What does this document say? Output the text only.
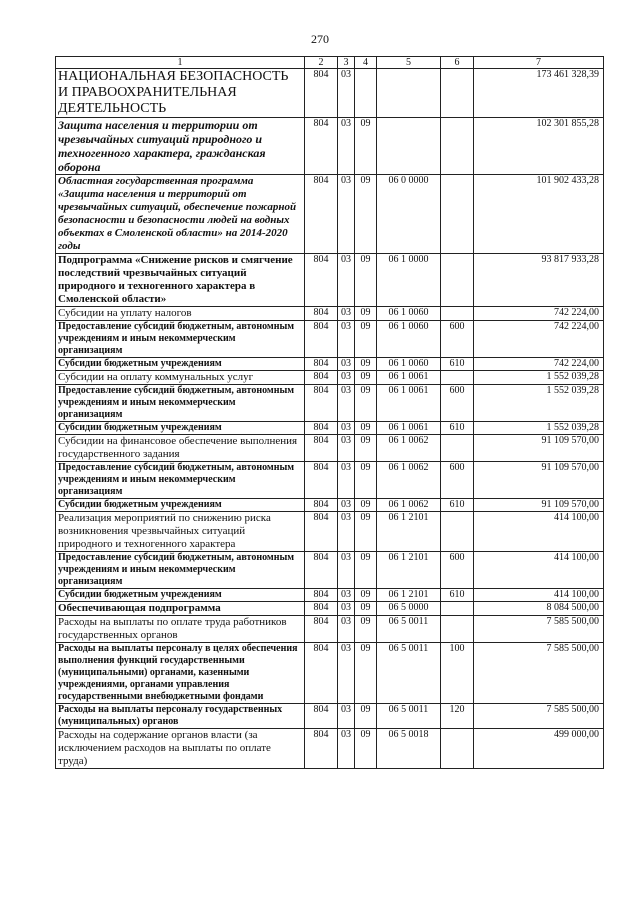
270
1	2	3	4	5	6	7
НАЦИОНАЛЬНАЯ БЕЗОПАСНОСТЬ И ПРАВООХРАНИТЕЛЬНАЯ ДЕЯТЕЛЬНОСТЬ	804	03				173 461 328,39
Защита населения и территории от чрезвычайных ситуаций природного и техногенного характера, гражданская оборона	804	03	09			102 301 855,28
Областная государственная программа «Защита населения и территорий от чрезвычайных ситуаций, обеспечение пожарной безопасности и безопасности людей на водных объектах в Смоленской области» на 2014-2020 годы	804	03	09	06 0 0000		101 902 433,28
Подпрограмма «Снижение рисков и смягчение последствий чрезвычайных ситуаций природного и техногенного характера в Смоленской области»	804	03	09	06 1 0000		93 817 933,28
Субсидии на уплату налогов	804	03	09	06 1 0060		742 224,00
Предоставление субсидий бюджетным, автономным учреждениям и иным некоммерческим организациям	804	03	09	06 1 0060	600	742 224,00
Субсидии бюджетным учреждениям	804	03	09	06 1 0060	610	742 224,00
Субсидии на оплату коммунальных услуг	804	03	09	06 1 0061		1 552 039,28
Предоставление субсидий бюджетным, автономным учреждениям и иным некоммерческим организациям	804	03	09	06 1 0061	600	1 552 039,28
Субсидии бюджетным учреждениям	804	03	09	06 1 0061	610	1 552 039,28
Субсидии на финансовое обеспечение выполнения государственного задания	804	03	09	06 1 0062		91 109 570,00
Предоставление субсидий бюджетным, автономным учреждениям и иным некоммерческим организациям	804	03	09	06 1 0062	600	91 109 570,00
Субсидии бюджетным учреждениям	804	03	09	06 1 0062	610	91 109 570,00
Реализация мероприятий по снижению риска возникновения чрезвычайных ситуаций природного и техногенного характера	804	03	09	06 1 2101		414 100,00
Предоставление субсидий бюджетным, автономным учреждениям и иным некоммерческим организациям	804	03	09	06 1 2101	600	414 100,00
Субсидии бюджетным учреждениям	804	03	09	06 1 2101	610	414 100,00
Обеспечивающая подпрограмма	804	03	09	06 5 0000		8 084 500,00
Расходы на выплаты по оплате труда работников государственных органов	804	03	09	06 5 0011		7 585 500,00
Расходы на выплаты персоналу в целях обеспечения выполнения функций государственными (муниципальными) органами, казенными учреждениями, органами управления государственными внебюджетными фондами	804	03	09	06 5 0011	100	7 585 500,00
Расходы на выплаты персоналу государственных (муниципальных) органов	804	03	09	06 5 0011	120	7 585 500,00
Расходы на содержание органов власти (за исключением расходов на выплаты по оплате труда)	804	03	09	06 5 0018		499 000,00
